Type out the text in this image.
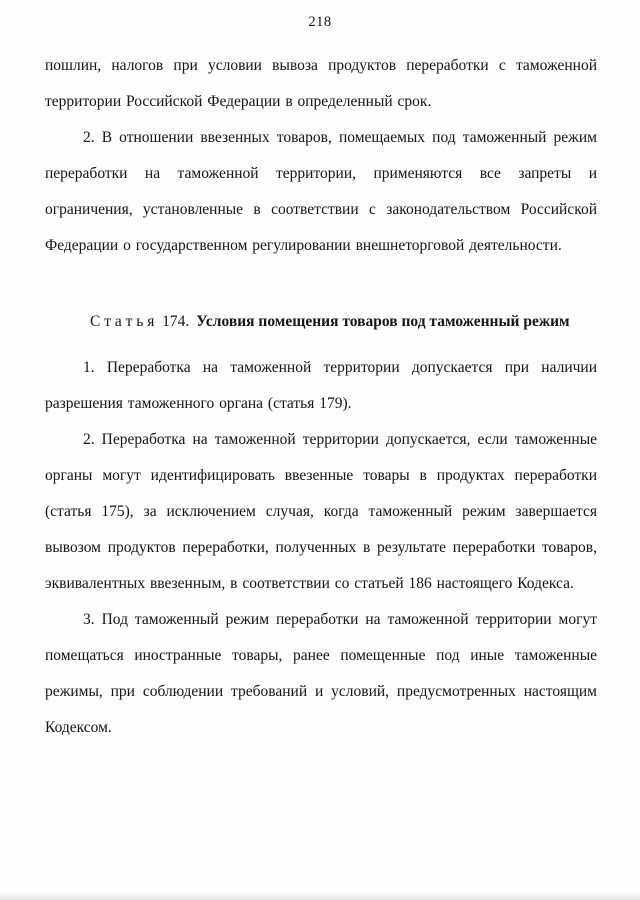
218

пошлин, налогов при условии вывоза продуктов переработки с таможенной территории Российской Федерации в определенный срок.

2. В отношении ввезенных товаров, помещаемых под таможенный режим переработки на таможенной территории, применяются все запреты и ограничения, установленные в соответствии с законодательством Российской Федерации о государственном регулировании внешнеторговой деятельности.

С т а т ь я  174. Условия помещения товаров под таможенный режим

1. Переработка на таможенной территории допускается при наличии разрешения таможенного органа (статья 179).

2. Переработка на таможенной территории допускается, если таможенные органы могут идентифицировать ввезенные товары в продуктах переработки (статья 175), за исключением случая, когда таможенный режим завершается вывозом продуктов переработки, полученных в результате переработки товаров, эквивалентных ввезенным, в соответствии со статьей 186 настоящего Кодекса.

3. Под таможенный режим переработки на таможенной территории могут помещаться иностранные товары, ранее помещенные под иные таможенные режимы, при соблюдении требований и условий, предусмотренных настоящим Кодексом.
